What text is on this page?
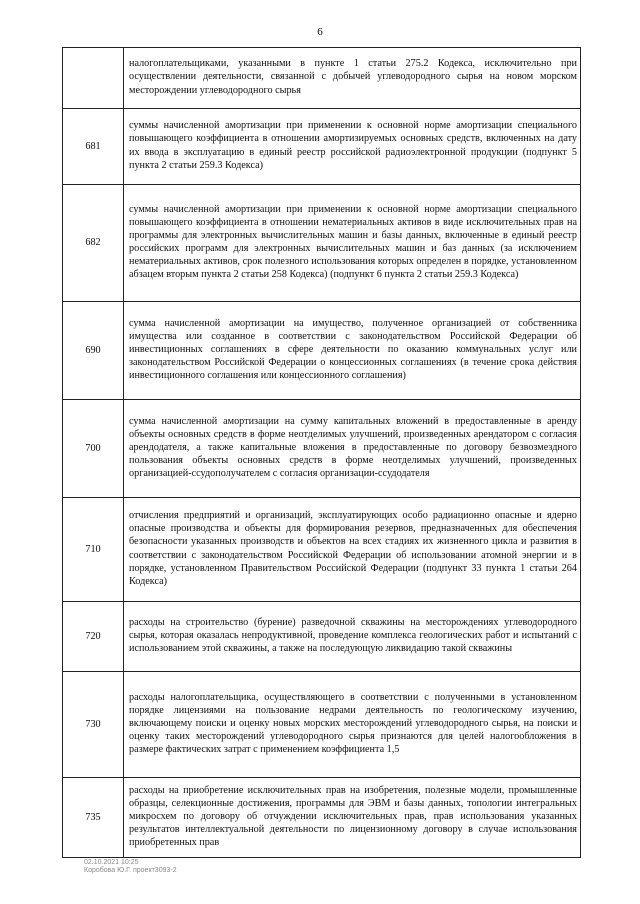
6
	налогоплательщиками, указанными в пункте 1 статьи 275.2 Кодекса, исключительно при осуществлении деятельности, связанной с добычей углеводородного сырья на новом морском месторождении углеводородного сырья
681	суммы начисленной амортизации при применении к основной норме амортизации специального повышающего коэффициента в отношении амортизируемых основных средств, включенных на дату их ввода в эксплуатацию в единый реестр российской радиоэлектронной продукции (подпункт 5 пункта 2 статьи 259.3 Кодекса)
682	суммы начисленной амортизации при применении к основной норме амортизации специального повышающего коэффициента в отношении нематериальных активов в виде исключительных прав на программы для электронных вычислительных машин и базы данных, включенные в единый реестр российских программ для электронных вычислительных машин и баз данных (за исключением нематериальных активов, срок полезного использования которых определен в порядке, установленном абзацем вторым пункта 2 статьи 258 Кодекса) (подпункт 6 пункта 2 статьи 259.3 Кодекса)
690	сумма начисленной амортизации на имущество, полученное организацией от собственника имущества или созданное в соответствии с законодательством Российской Федерации об инвестиционных соглашениях в сфере деятельности по оказанию коммунальных услуг или законодательством Российской Федерации о концессионных соглашениях (в течение срока действия инвестиционного соглашения или концессионного соглашения)
700	сумма начисленной амортизации на сумму капитальных вложений в предоставленные в аренду объекты основных средств в форме неотделимых улучшений, произведенных арендатором с согласия арендодателя, а также капитальные вложения в предоставленные по договору безвозмездного пользования объекты основных средств в форме неотделимых улучшений, произведенных организацией-ссудополучателем с согласия организации-ссудодателя
710	отчисления предприятий и организаций, эксплуатирующих особо радиационно опасные и ядерно опасные производства и объекты для формирования резервов, предназначенных для обеспечения безопасности указанных производств и объектов на всех стадиях их жизненного цикла и развития в соответствии с законодательством Российской Федерации об использовании атомной энергии и в порядке, установленном Правительством Российской Федерации (подпункт 33 пункта 1 статьи 264 Кодекса)
720	расходы на строительство (бурение) разведочной скважины на месторождениях углеводородного сырья, которая оказалась непродуктивной, проведение комплекса геологических работ и испытаний с использованием этой скважины, а также на последующую ликвидацию такой скважины
730	расходы налогоплательщика, осуществляющего в соответствии с полученными в установленном порядке лицензиями на пользование недрами деятельность по геологическому изучению, включающему поиски и оценку новых морских месторождений углеводородного сырья, на поиски и оценку таких месторождений углеводородного сырья признаются для целей налогообложения в размере фактических затрат с применением коэффициента 1,5
735	расходы на приобретение исключительных прав на изобретения, полезные модели, промышленные образцы, селекционные достижения, программы для ЭВМ и базы данных, топологии интегральных микросхем по договору об отчуждении исключительных прав, прав использования указанных результатов интеллектуальной деятельности по лицензионному договору в случае использования приобретенных прав
02.10.2021 10:25
Коробова Ю.Г. проект3093-2
